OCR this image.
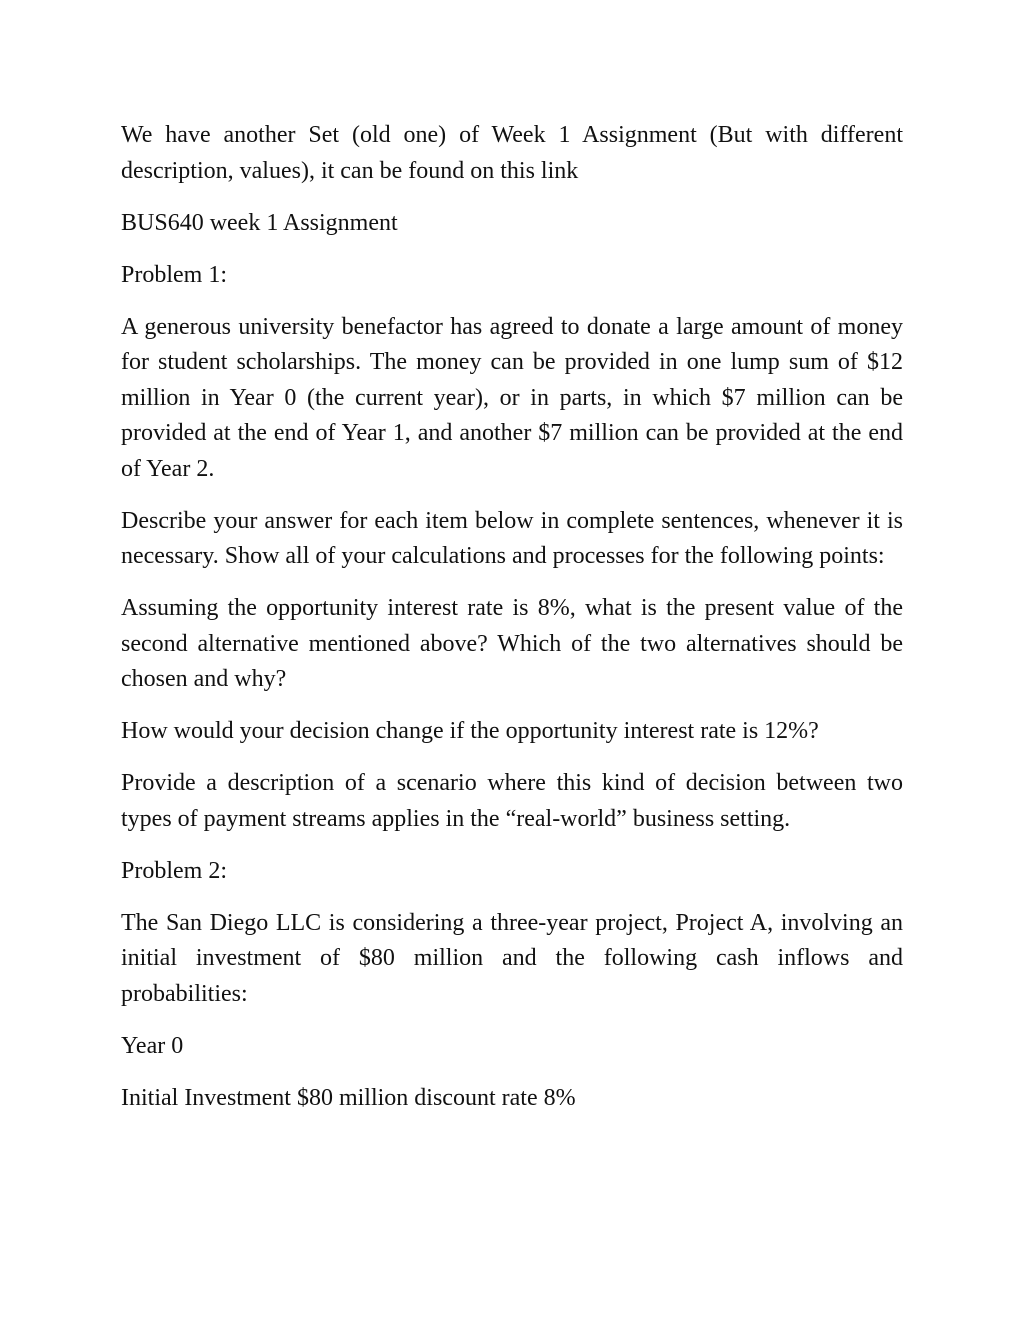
We have another Set (old one) of Week 1 Assignment (But with different description, values), it can be found on this link

BUS640 week 1 Assignment

Problem 1:

A generous university benefactor has agreed to donate a large amount of money for student scholarships. The money can be provided in one lump sum of $12 million in Year 0 (the current year), or in parts, in which $7 million can be provided at the end of Year 1, and another $7 million can be provided at the end of Year 2.

Describe your answer for each item below in complete sentences, whenever it is necessary. Show all of your calculations and processes for the following points:

Assuming the opportunity interest rate is 8%, what is the present value of the second alternative mentioned above? Which of the two alternatives should be chosen and why?

How would your decision change if the opportunity interest rate is 12%?

Provide a description of a scenario where this kind of decision between two types of payment streams applies in the “real-world” business setting.

Problem 2:

The San Diego LLC is considering a three-year project, Project A, involving an initial investment of $80 million and the following cash inflows and probabilities:

Year 0

Initial Investment $80 million discount rate 8%
